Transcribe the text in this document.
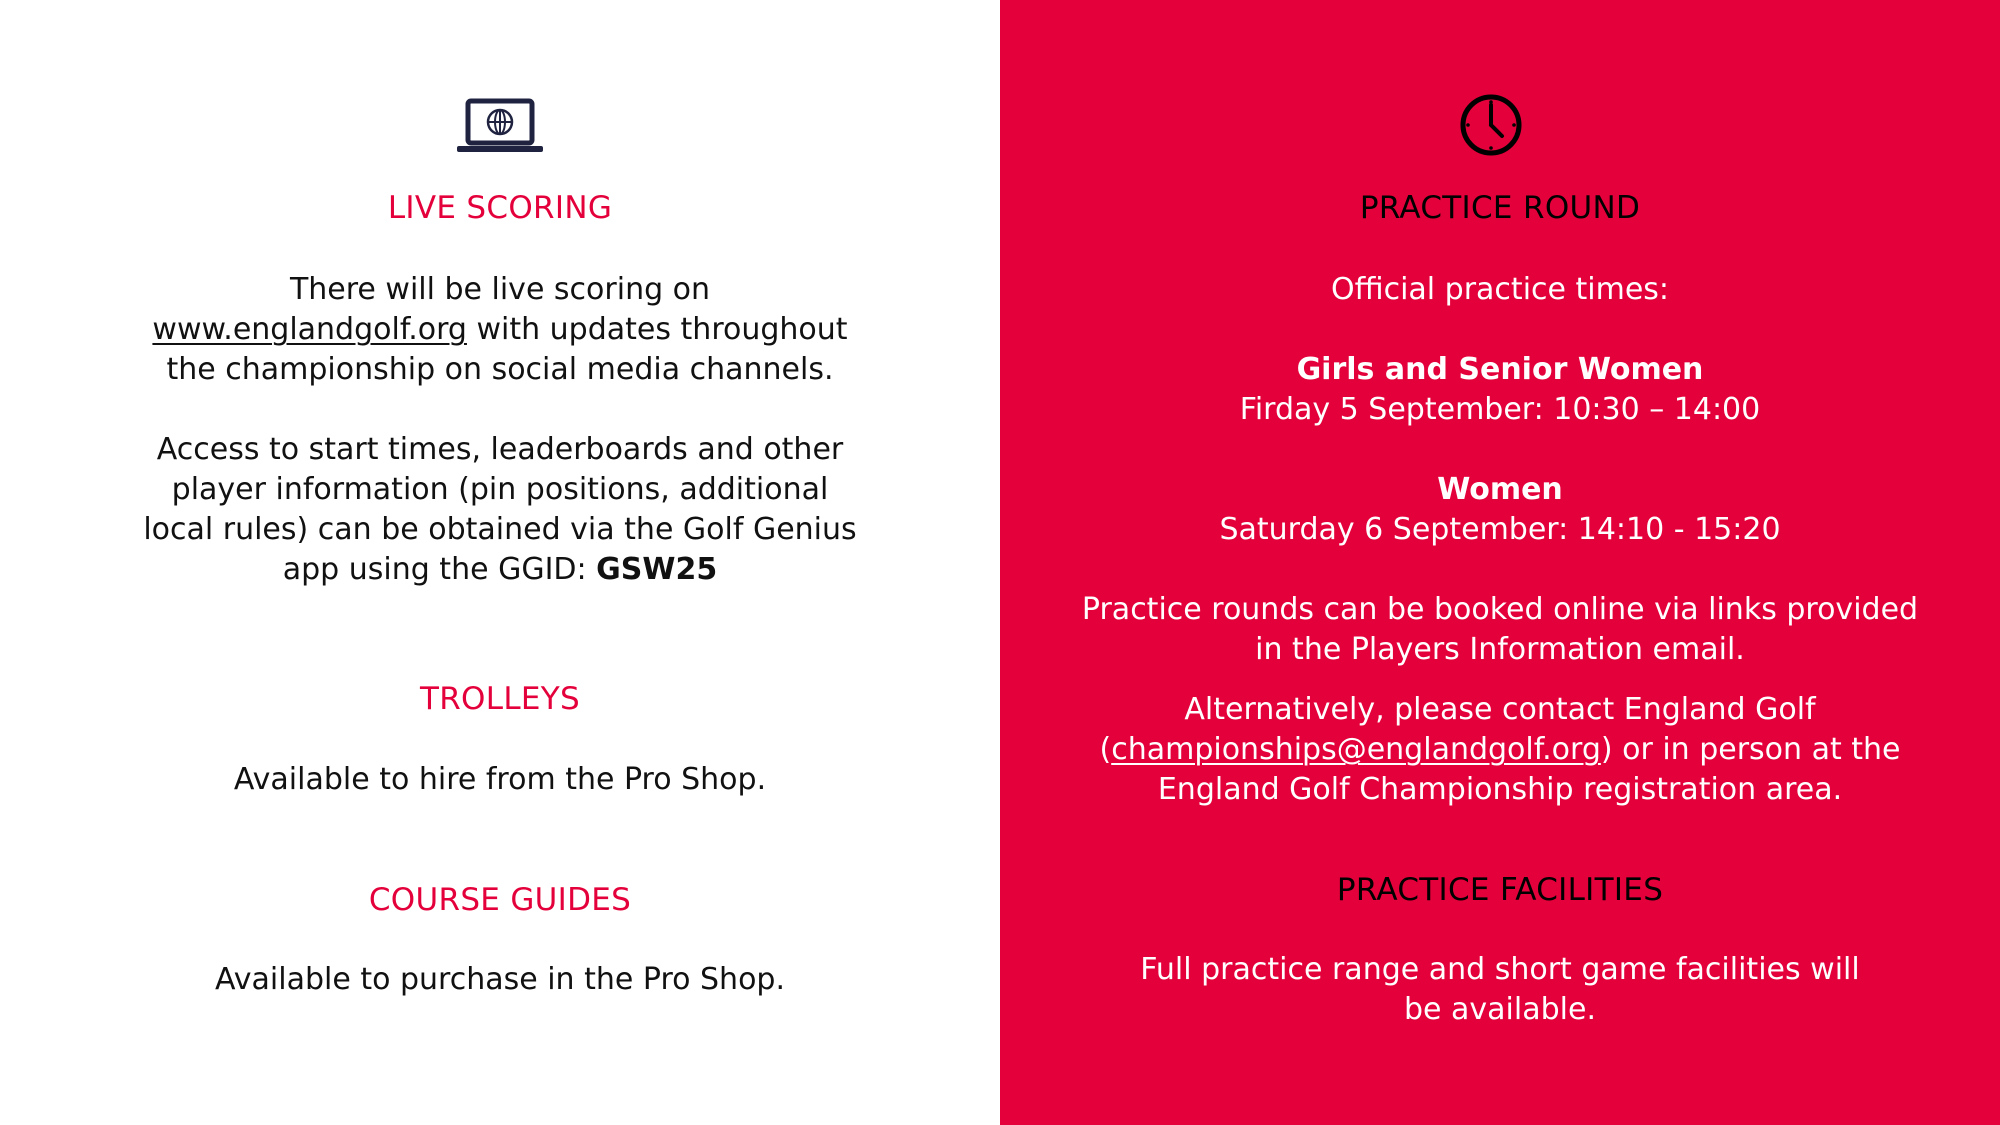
LIVE SCORING
There will be live scoring on
www.englandgolf.org with updates throughout
the championship on social media channels.
Access to start times, leaderboards and other
player information (pin positions, additional
local rules) can be obtained via the Golf Genius
app using the GGID: GSW25
TROLLEYS
Available to hire from the Pro Shop.
COURSE GUIDES
Available to purchase in the Pro Shop.
PRACTICE ROUND
Official practice times:
Girls and Senior Women
Firday 5 September: 10:30 – 14:00
Women
Saturday 6 September: 14:10 - 15:20
Practice rounds can be booked online via links provided
in the Players Information email.
Alternatively, please contact England Golf
(championships@englandgolf.org) or in person at the
England Golf Championship registration area.
PRACTICE FACILITIES
Full practice range and short game facilities will
be available.
